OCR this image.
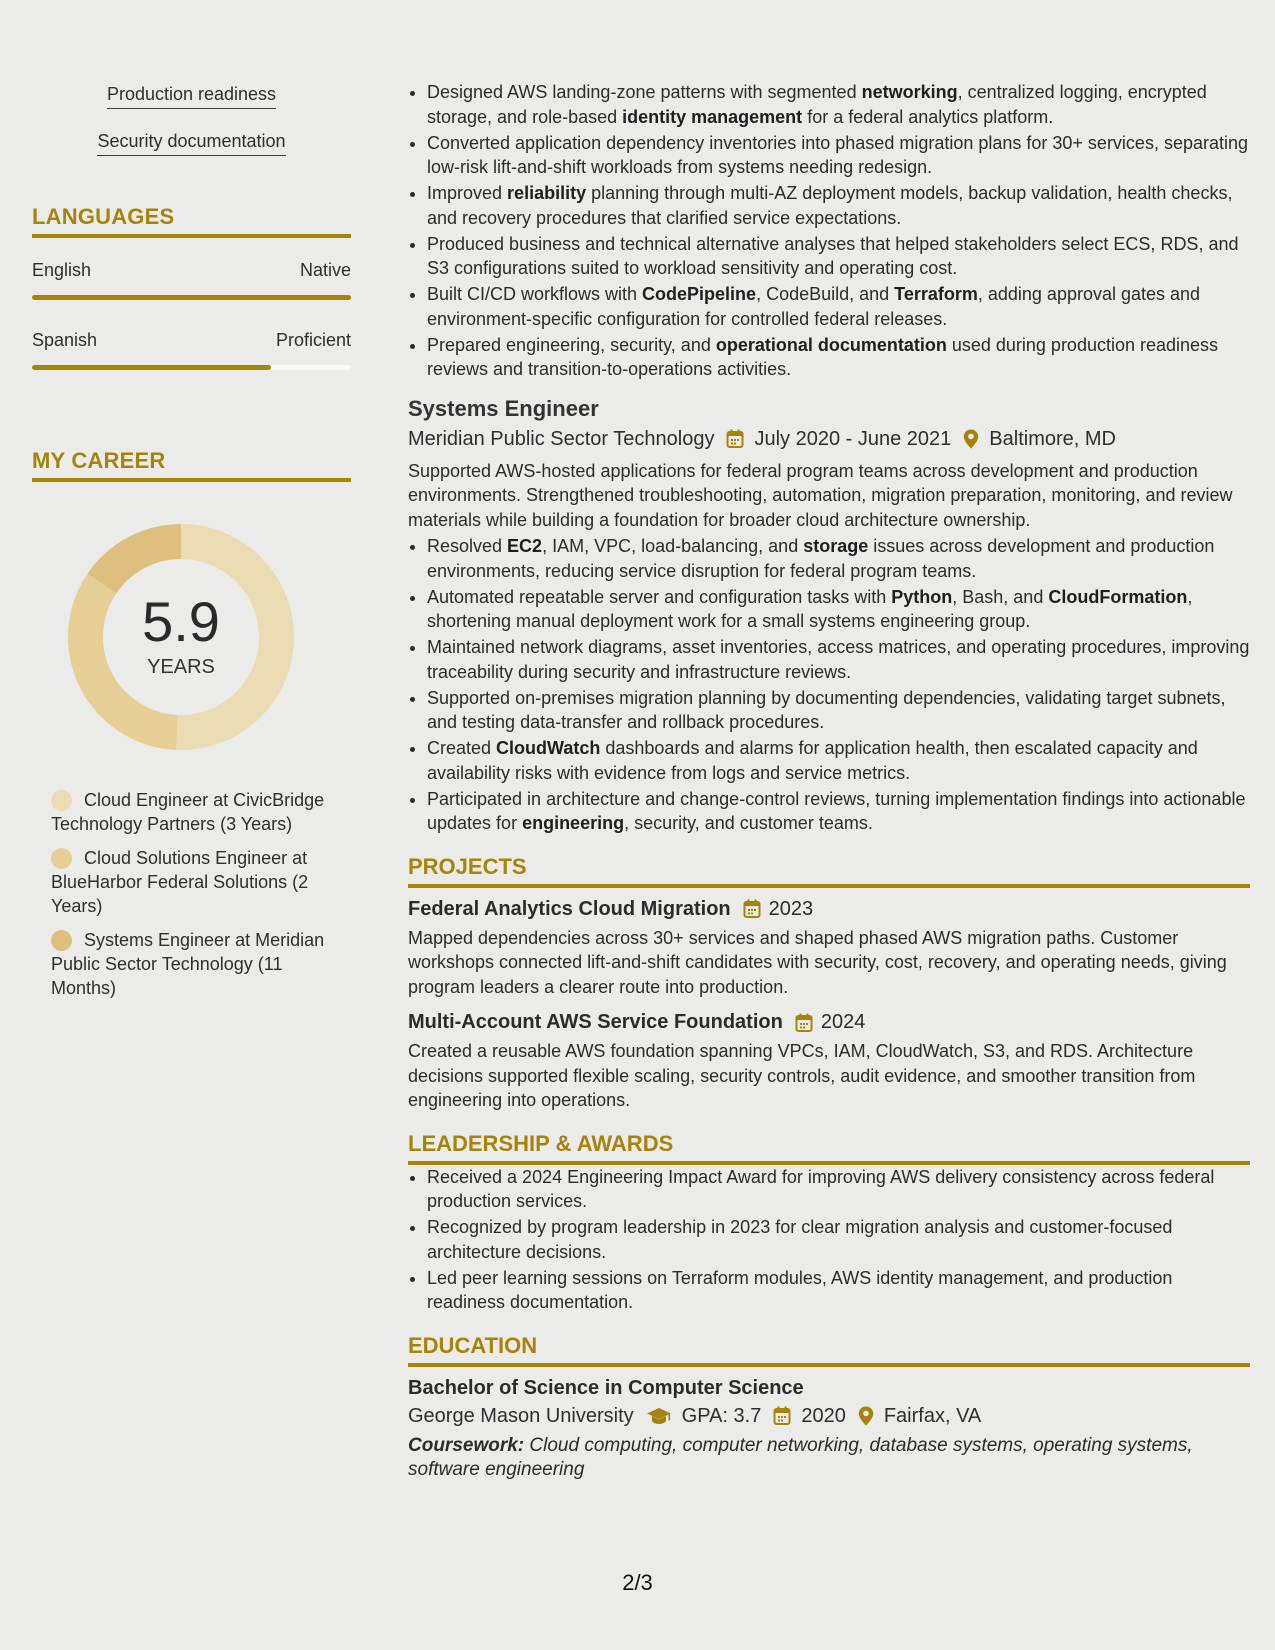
Production readiness
Security documentation
LANGUAGES
English	Native
Spanish	Proficient
MY CAREER
5.9
YEARS
Cloud Engineer at CivicBridge Technology Partners (3 Years)
Cloud Solutions Engineer at BlueHarbor Federal Solutions (2 Years)
Systems Engineer at Meridian Public Sector Technology (11 Months)
• Designed AWS landing-zone patterns with segmented networking, centralized logging, encrypted storage, and role-based identity management for a federal analytics platform.
• Converted application dependency inventories into phased migration plans for 30+ services, separating low-risk lift-and-shift workloads from systems needing redesign.
• Improved reliability planning through multi-AZ deployment models, backup validation, health checks, and recovery procedures that clarified service expectations.
• Produced business and technical alternative analyses that helped stakeholders select ECS, RDS, and S3 configurations suited to workload sensitivity and operating cost.
• Built CI/CD workflows with CodePipeline, CodeBuild, and Terraform, adding approval gates and environment-specific configuration for controlled federal releases.
• Prepared engineering, security, and operational documentation used during production readiness reviews and transition-to-operations activities.
Systems Engineer
Meridian Public Sector Technology July 2020 - June 2021 Baltimore, MD
Supported AWS-hosted applications for federal program teams across development and production environments. Strengthened troubleshooting, automation, migration preparation, monitoring, and review materials while building a foundation for broader cloud architecture ownership.
• Resolved EC2, IAM, VPC, load-balancing, and storage issues across development and production environments, reducing service disruption for federal program teams.
• Automated repeatable server and configuration tasks with Python, Bash, and CloudFormation, shortening manual deployment work for a small systems engineering group.
• Maintained network diagrams, asset inventories, access matrices, and operating procedures, improving traceability during security and infrastructure reviews.
• Supported on-premises migration planning by documenting dependencies, validating target subnets, and testing data-transfer and rollback procedures.
• Created CloudWatch dashboards and alarms for application health, then escalated capacity and availability risks with evidence from logs and service metrics.
• Participated in architecture and change-control reviews, turning implementation findings into actionable updates for engineering, security, and customer teams.
PROJECTS
Federal Analytics Cloud Migration 2023
Mapped dependencies across 30+ services and shaped phased AWS migration paths. Customer workshops connected lift-and-shift candidates with security, cost, recovery, and operating needs, giving program leaders a clearer route into production.
Multi-Account AWS Service Foundation 2024
Created a reusable AWS foundation spanning VPCs, IAM, CloudWatch, S3, and RDS. Architecture decisions supported flexible scaling, security controls, audit evidence, and smoother transition from engineering into operations.
LEADERSHIP & AWARDS
• Received a 2024 Engineering Impact Award for improving AWS delivery consistency across federal production services.
• Recognized by program leadership in 2023 for clear migration analysis and customer-focused architecture decisions.
• Led peer learning sessions on Terraform modules, AWS identity management, and production readiness documentation.
EDUCATION
Bachelor of Science in Computer Science
George Mason University GPA: 3.7 2020 Fairfax, VA
Coursework: Cloud computing, computer networking, database systems, operating systems, software engineering
2/3
